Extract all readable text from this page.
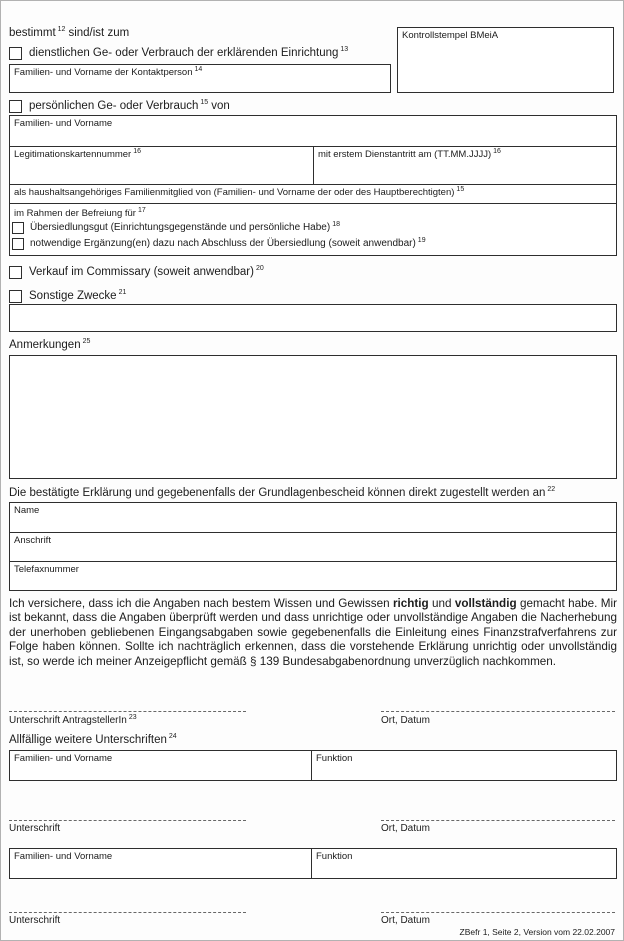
bestimmt $^{12}$ sind/ist zum
dienstlichen Ge- oder Verbrauch der erklärenden Einrichtung $^{13}$
Familien- und Vorname der Kontaktperson $^{14}$
Kontrollstempel BMeiA
persönlichen Ge- oder Verbrauch $^{15}$ von
Familien- und Vorname
Legitimationskartennummer $^{16}$	mit erstem Dienstantritt am (TT.MM.JJJJ) $^{16}$
als haushaltsangehöriges Familienmitglied von (Familien- und Vorname der oder des Hauptberechtigten) $^{15}$
im Rahmen der Befreiung für $^{17}$
Übersiedlungsgut (Einrichtungsgegenstände und persönliche Habe) $^{18}$
notwendige Ergänzung(en) dazu nach Abschluss der Übersiedlung (soweit anwendbar) $^{19}$
Verkauf im Commissary (soweit anwendbar) $^{20}$
Sonstige Zwecke $^{21}$
Anmerkungen $^{25}$
Die bestätigte Erklärung und gegebenenfalls der Grundlagenbescheid können direkt zugestellt werden an $^{22}$
Name
Anschrift
Telefaxnummer

Ich versichere, dass ich die Angaben nach bestem Wissen und Gewissen richtig und vollständig gemacht habe. Mir ist bekannt, dass die Angaben überprüft werden und dass unrichtige oder unvollständige Angaben die Nacherhebung der unerhoben gebliebenen Eingangsabgaben sowie gegebenenfalls die Einleitung eines Finanzstrafverfahrens zur Folge haben können. Sollte ich nachträglich erkennen, dass die vorstehende Erklärung unrichtig oder unvollständig ist, so werde ich meiner Anzeigepflicht gemäß § 139 Bundesabgabenordnung unverzüglich nachkommen.

Unterschrift AntragstellerIn $^{23}$	Ort, Datum
Allfällige weitere Unterschriften $^{24}$
Familien- und Vorname	Funktion
Unterschrift	Ort, Datum
Familien- und Vorname	Funktion
Unterschrift	Ort, Datum
ZBefr 1, Seite 2, Version vom 22.02.2007
